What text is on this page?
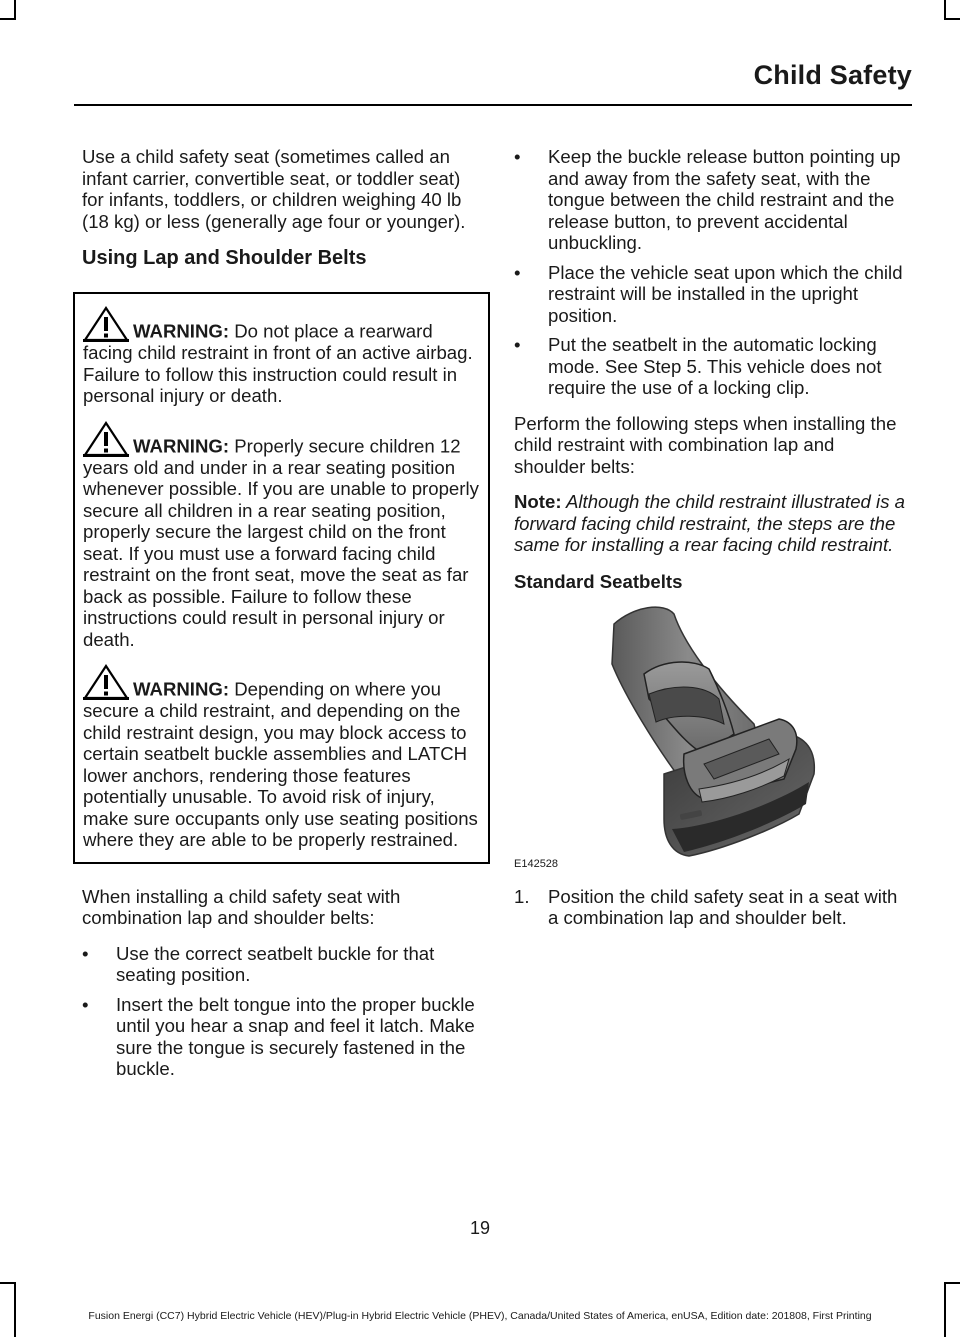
Child Safety

Use a child safety seat (sometimes called an infant carrier, convertible seat, or toddler seat) for infants, toddlers, or children weighing 40 lb (18 kg) or less (generally age four or younger).

Using Lap and Shoulder Belts
WARNING: Do not place a rearward facing child restraint in front of an active airbag. Failure to follow this instruction could result in personal injury or death.
WARNING: Properly secure children 12 years old and under in a rear seating position whenever possible. If you are unable to properly secure all children in a rear seating position, properly secure the largest child on the front seat. If you must use a forward facing child restraint on the front seat, move the seat as far back as possible. Failure to follow these instructions could result in personal injury or death.
WARNING: Depending on where you secure a child restraint, and depending on the child restraint design, you may block access to certain seatbelt buckle assemblies and LATCH lower anchors, rendering those features potentially unusable. To avoid risk of injury, make sure occupants only use seating positions where they are able to be properly restrained.

When installing a child safety seat with combination lap and shoulder belts:

• Use the correct seatbelt buckle for that seating position.
• Insert the belt tongue into the proper buckle until you hear a snap and feel it latch. Make sure the tongue is securely fastened in the buckle.
• Keep the buckle release button pointing up and away from the safety seat, with the tongue between the child restraint and the release button, to prevent accidental unbuckling.
• Place the vehicle seat upon which the child restraint will be installed in the upright position.
• Put the seatbelt in the automatic locking mode. See Step 5. This vehicle does not require the use of a locking clip.

Perform the following steps when installing the child restraint with combination lap and shoulder belts:

Note: Although the child restraint illustrated is a forward facing child restraint, the steps are the same for installing a rear facing child restraint.

Standard Seatbelts
E142528
1. Position the child safety seat in a seat with a combination lap and shoulder belt.
19
Fusion Energi (CC7) Hybrid Electric Vehicle (HEV)/Plug-in Hybrid Electric Vehicle (PHEV), Canada/United States of America, enUSA, Edition date: 201808, First Printing
